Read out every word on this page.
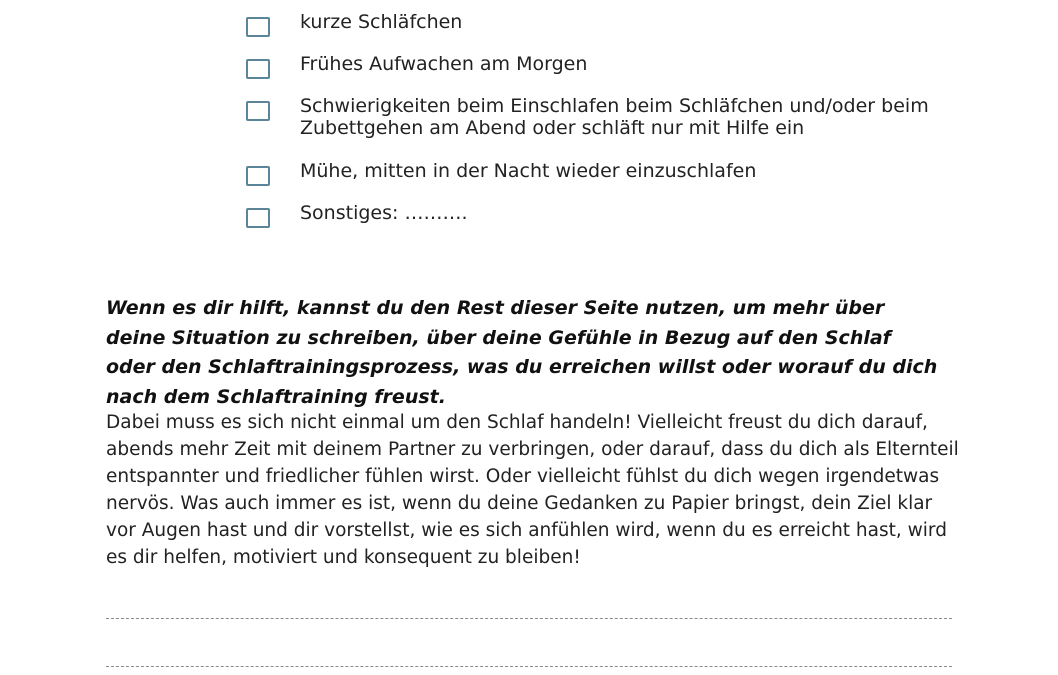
kurze Schläfchen
Frühes Aufwachen am Morgen
Schwierigkeiten beim Einschlafen beim Schläfchen und/oder beim
Zubettgehen am Abend oder schläft nur mit Hilfe ein
Mühe, mitten in der Nacht wieder einzuschlafen
Sonstiges: ……….
Wenn es dir hilft, kannst du den Rest dieser Seite nutzen, um mehr über deine Situation zu schreiben, über deine Gefühle in Bezug auf den Schlaf oder den Schlaftrainingsprozess, was du erreichen willst oder worauf du dich nach dem Schlaftraining freust.
Dabei muss es sich nicht einmal um den Schlaf handeln! Vielleicht freust du dich darauf, abends mehr Zeit mit deinem Partner zu verbringen, oder darauf, dass du dich als Elternteil entspannter und friedlicher fühlen wirst. Oder vielleicht fühlst du dich wegen irgendetwas nervös. Was auch immer es ist, wenn du deine Gedanken zu Papier bringst, dein Ziel klar vor Augen hast und dir vorstellst, wie es sich anfühlen wird, wenn du es erreicht hast, wird es dir helfen, motiviert und konsequent zu bleiben!
